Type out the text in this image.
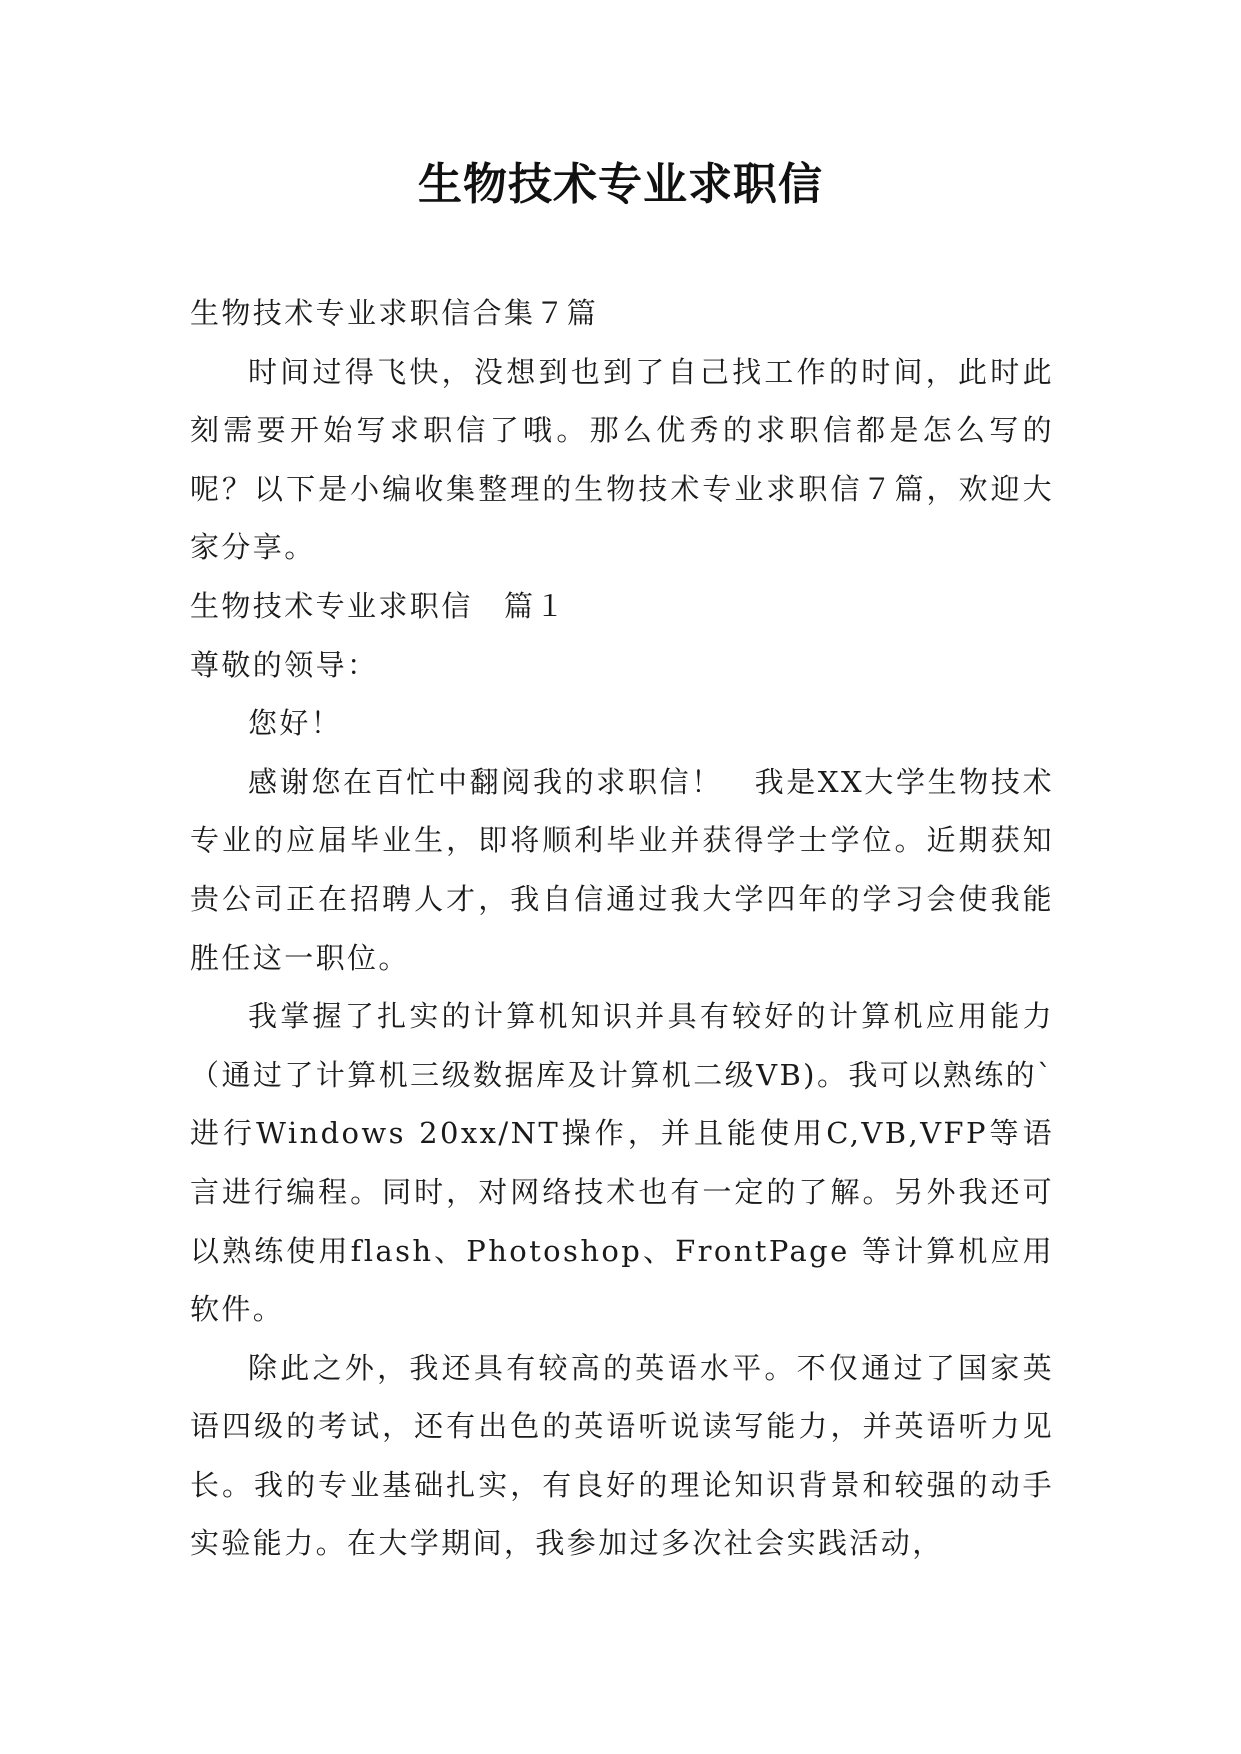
生物技术专业求职信

生物技术专业求职信合集７篇

时间过得飞快，没想到也到了自己找工作的时间，此时此刻需要开始写求职信了哦。那么优秀的求职信都是怎么写的呢？以下是小编收集整理的生物技术专业求职信７篇，欢迎大家分享。

生物技术专业求职信　篇１

尊敬的领导：

您好！

感谢您在百忙中翻阅我的求职信！　我是XX大学生物技术专业的应届毕业生，即将顺利毕业并获得学士学位。近期获知贵公司正在招聘人才，我自信通过我大学四年的学习会使我能胜任这一职位。

我掌握了扎实的计算机知识并具有较好的计算机应用能力（通过了计算机三级数据库及计算机二级VB)。我可以熟练的`进行Windows 20xx/NT操作，并且能使用C,VB,VFP等语言进行编程。同时，对网络技术也有一定的了解。另外我还可以熟练使用flash、Photoshop、FrontPage 等计算机应用软件。

除此之外，我还具有较高的英语水平。不仅通过了国家英语四级的考试，还有出色的英语听说读写能力，并英语听力见长。我的专业基础扎实，有良好的理论知识背景和较强的动手实验能力。在大学期间，我参加过多次社会实践活动，
